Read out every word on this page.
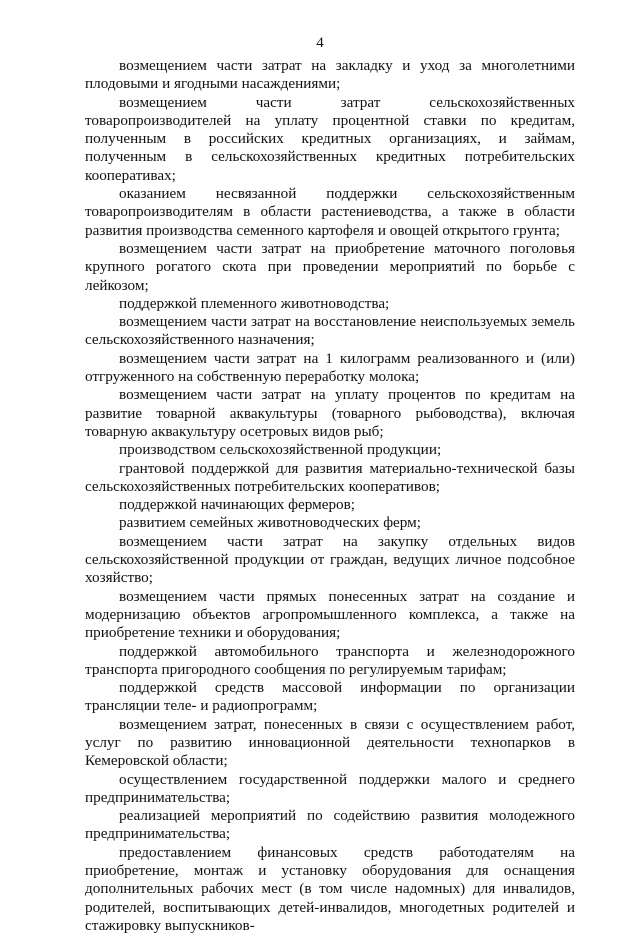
4

возмещением части затрат на закладку и уход за многолетними плодовыми и ягодными насаждениями;

возмещением части затрат сельскохозяйственных товаропроизводителей на уплату процентной ставки по кредитам, полученным в российских кредитных организациях, и займам, полученным в сельскохозяйственных кредитных потребительских кооперативах;

оказанием несвязанной поддержки сельскохозяйственным товаропроизводителям в области растениеводства, а также в области развития производства семенного картофеля и овощей открытого грунта;

возмещением части затрат на приобретение маточного поголовья крупного рогатого скота при проведении мероприятий по борьбе с лейкозом;

поддержкой племенного животноводства;

возмещением части затрат на восстановление неиспользуемых земель сельскохозяйственного назначения;

возмещением части затрат на 1 килограмм реализованного и (или) отгруженного на собственную переработку молока;

возмещением части затрат на уплату процентов по кредитам на развитие товарной аквакультуры (товарного рыбоводства), включая товарную аквакультуру осетровых видов рыб;

производством сельскохозяйственной продукции;

грантовой поддержкой для развития материально-технической базы сельскохозяйственных потребительских кооперативов;

поддержкой начинающих фермеров;

развитием семейных животноводческих ферм;

возмещением части затрат на закупку отдельных видов сельскохозяйственной продукции от граждан, ведущих личное подсобное хозяйство;

возмещением части прямых понесенных затрат на создание и модернизацию объектов агропромышленного комплекса, а также на приобретение техники и оборудования;

поддержкой автомобильного транспорта и железнодорожного транспорта пригородного сообщения по регулируемым тарифам;

поддержкой средств массовой информации по организации трансляции теле- и радиопрограмм;

возмещением затрат, понесенных в связи с осуществлением работ, услуг по развитию инновационной деятельности технопарков в Кемеровской области;

осуществлением государственной поддержки малого и среднего предпринимательства;

реализацией мероприятий по содействию развития молодежного предпринимательства;

предоставлением финансовых средств работодателям на приобретение, монтаж и установку оборудования для оснащения дополнительных рабочих мест (в том числе надомных) для инвалидов, родителей, воспитывающих детей-инвалидов, многодетных родителей и стажировку выпускников-
